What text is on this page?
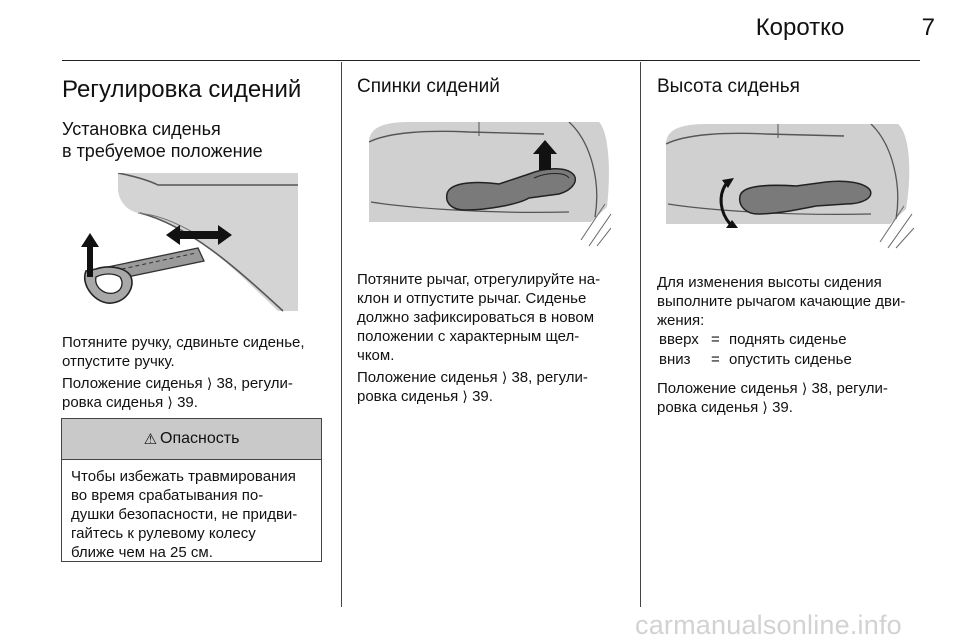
Коротко	7
Регулировка сидений
Установка сиденья
в требуемое положение
Потяните ручку, сдвиньте сиденье,
отпустите ручку.
Положение сиденья ⟩ 38, регули-
ровка сиденья ⟩ 39.
⚠ Опасность
Чтобы избежать травмирования
во время срабатывания по-
душки безопасности, не придви-
гайтесь к рулевому колесу
ближе чем на 25 см.
Спинки сидений
Потяните рычаг, отрегулируйте на-
клон и отпустите рычаг. Сиденье
должно зафиксироваться в новом
положении с характерным щел-
чком.
Положение сиденья ⟩ 38, регули-
ровка сиденья ⟩ 39.
Высота сиденья
Для изменения высоты сидения
выполните рычагом качающие дви-
жения:
вверх = поднять сиденье
вниз = опустить сиденье
Положение сиденья ⟩ 38, регули-
ровка сиденья ⟩ 39.
carmanualsonline.info
